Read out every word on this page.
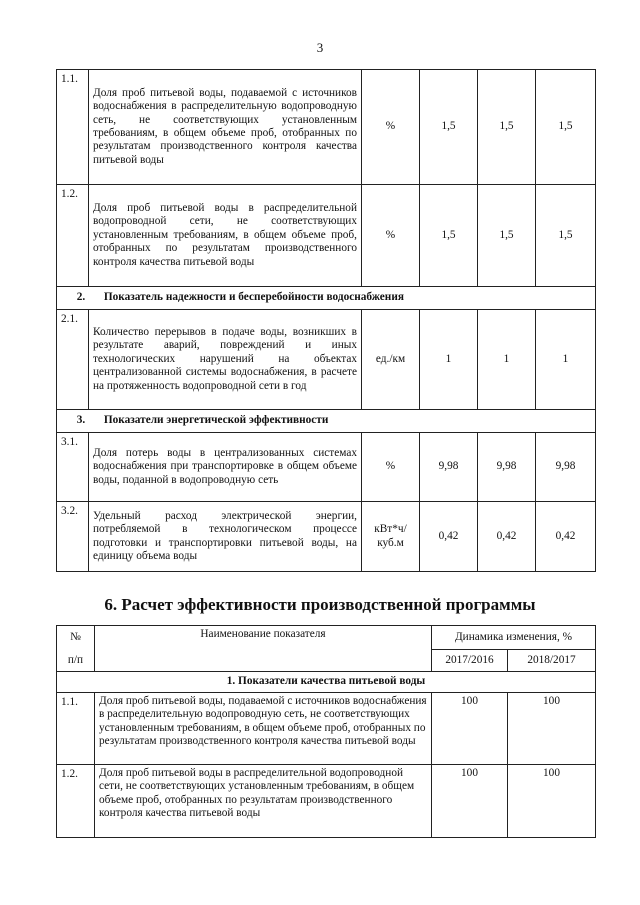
3
1.1.	Доля проб питьевой воды, подаваемой с источников водоснабжения в распределительную водопроводную сеть, не соответствующих установленным требованиям, в общем объеме проб, отобранных по результатам производственного контроля качества питьевой воды	%	1,5	1,5	1,5
1.2.	Доля проб питьевой воды в распределительной водопроводной сети, не соответствующих установленным требованиям, в общем объеме проб, отобранных по результатам производственного контроля качества питьевой воды	%	1,5	1,5	1,5
2. Показатель надежности и бесперебойности водоснабжения					
2.1.	Количество перерывов в подаче воды, возникших в результате аварий, повреждений и иных технологических нарушений на объектах централизованной системы водоснабжения, в расчете на протяженность водопроводной сети в год	ед./км	1	1	1
3. Показатели энергетической эффективности					
3.1.	Доля потерь воды в централизованных системах водоснабжения при транспортировке в общем объеме воды, поданной в водопроводную сеть	%	9,98	9,98	9,98
3.2.	Удельный расход электрической энергии, потребляемой в технологическом процессе подготовки и транспортировки питьевой воды, на единицу объема воды	кВт*ч/куб.м	0,42	0,42	0,42
6. Расчет эффективности производственной программы
№	Наименование показателя	Динамика изменения, %	
п/п		2017/2016	2018/2017
1. Показатели качества питьевой воды			
1.1.	Доля проб питьевой воды, подаваемой с источников водоснабжения в распределительную водопроводную сеть, не соответствующих установленным требованиям, в общем объеме проб, отобранных по результатам производственного контроля качества питьевой воды	100	100
1.2.	Доля проб питьевой воды в распределительной водопроводной сети, не соответствующих установленным требованиям, в общем объеме проб, отобранных по результатам производственного контроля качества питьевой воды	100	100
